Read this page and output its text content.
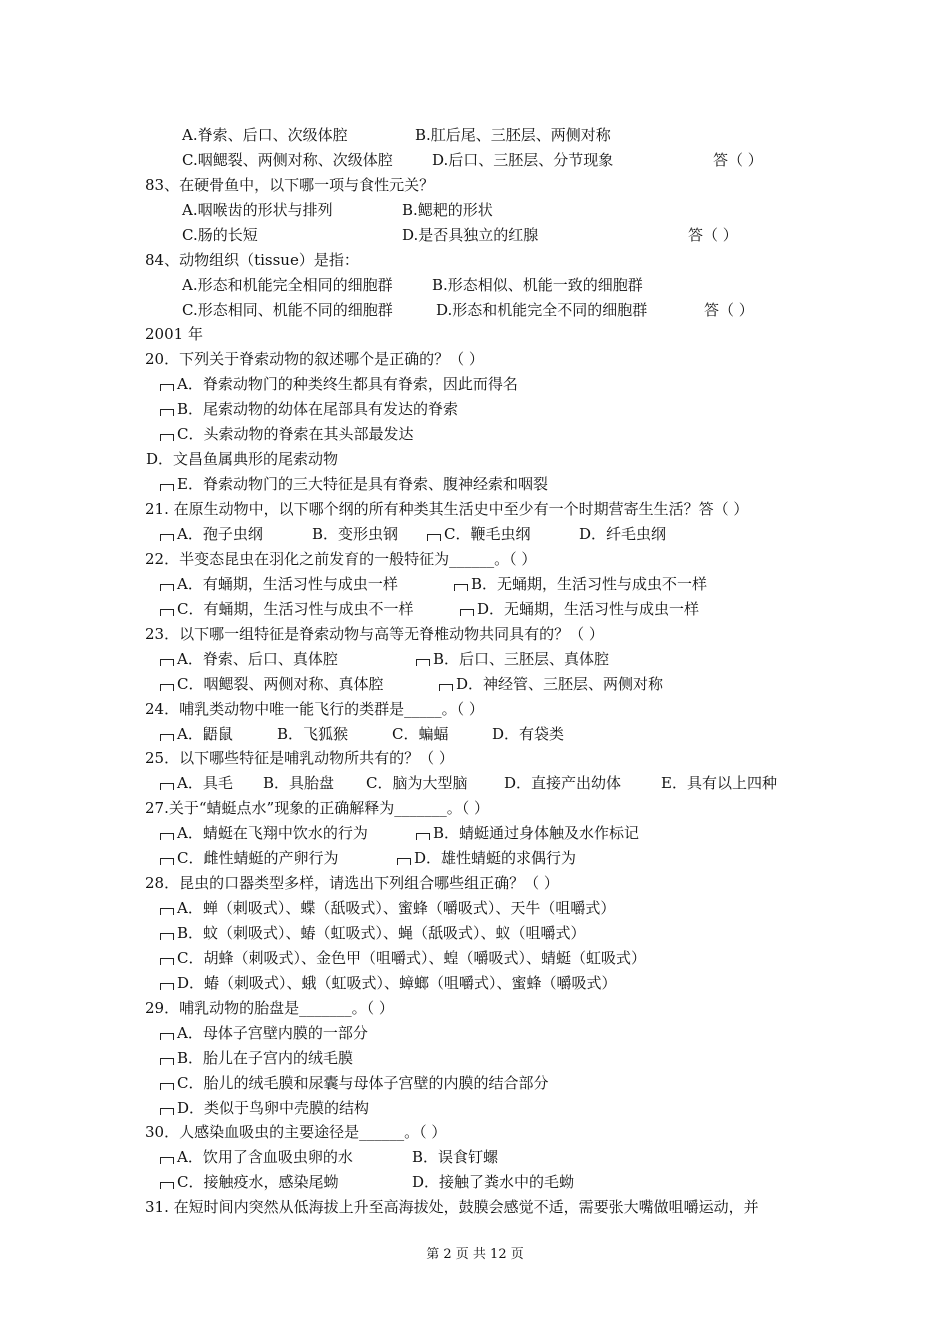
A.脊索、后口、次级体腔	B.肛后尾、三胚层、两侧对称
C.咽鳃裂、两侧对称、次级体腔	D.后口、三胚层、分节现象	答（ ）
83、在硬骨鱼中，以下哪一项与食性元关？
A.咽喉齿的形状与排列	B.鳃耙的形状
C.肠的长短	D.是否具独立的红腺	答（ ）
84、动物组织（tissue）是指：
A.形态和机能完全相同的细胞群	B.形态相似、机能一致的细胞群
C.形态相同、机能不同的细胞群	D.形态和机能完全不同的细胞群	答（ ）
2001 年
20．下列关于脊索动物的叙述哪个是正确的？（ ）
A．脊索动物门的种类终生都具有脊索，因此而得名
B．尾索动物的幼体在尾部具有发达的脊索
C．头索动物的脊索在其头部最发达
D．文昌鱼属典形的尾索动物
E．脊索动物门的三大特征是具有脊索、腹神经索和咽裂
21. 在原生动物中，以下哪个纲的所有种类其生活史中至少有一个时期营寄生生活？答（ ）
A．孢子虫纲	B．变形虫钢	C．鞭毛虫纲	D．纤毛虫纲
22．半变态昆虫在羽化之前发育的一般特征为______。（ ）
A．有蛹期，生活习性与成虫一样	B．无蛹期，生活习性与成虫不一样
C．有蛹期，生活习性与成虫不一样	D．无蛹期，生活习性与成虫一样
23．以下哪一组特征是脊索动物与高等无脊椎动物共同具有的？（ ）
A．脊索、后口、真体腔	B．后口、三胚层、真体腔
C．咽鳃裂、两侧对称、真体腔	D．神经管、三胚层、两侧对称
24．哺乳类动物中唯一能飞行的类群是_____。（ ）
A．鼯鼠	B．飞狐猴	C．蝙蝠	D．有袋类
25．以下哪些特征是哺乳动物所共有的？（ ）
A．具毛 B．具胎盘 C．脑为大型脑 D．直接产出幼体	E．具有以上四种
27.关于“蜻蜓点水”现象的正确解释为_______。（ ）
A．蜻蜓在飞翔中饮水的行为	B．蜻蜓通过身体触及水作标记
C．雌性蜻蜓的产卵行为	D．雄性蜻蜓的求偶行为
28．昆虫的口器类型多样，请选出下列组合哪些组正确？（ ）
A．蝉（刺吸式）、蝶（舐吸式）、蜜蜂（嚼吸式）、天牛（咀嚼式）
B．蚊（刺吸式）、蝽（虹吸式）、蝇（舐吸式）、蚁（咀嚼式）
C．胡蜂（刺吸式）、金色甲（咀嚼式）、蝗（嚼吸式）、蜻蜓（虹吸式）
D．蝽（刺吸式）、蛾（虹吸式）、蟑螂（咀嚼式）、蜜蜂（嚼吸式）
29．哺乳动物的胎盘是_______。（ ）
A．母体子宫壁内膜的一部分
B．胎儿在子宫内的绒毛膜
C．胎儿的绒毛膜和尿囊与母体子宫壁的内膜的结合部分
D．类似于鸟卵中壳膜的结构
30．人感染血吸虫的主要途径是______。（ ）
A．饮用了含血吸虫卵的水	B．误食钉螺
C．接触疫水，感染尾蚴	D．接触了粪水中的毛蚴
31. 在短时间内突然从低海拔上升至高海拔处，鼓膜会感觉不适，需要张大嘴做咀嚼运动，并
第 2 页 共 12 页
